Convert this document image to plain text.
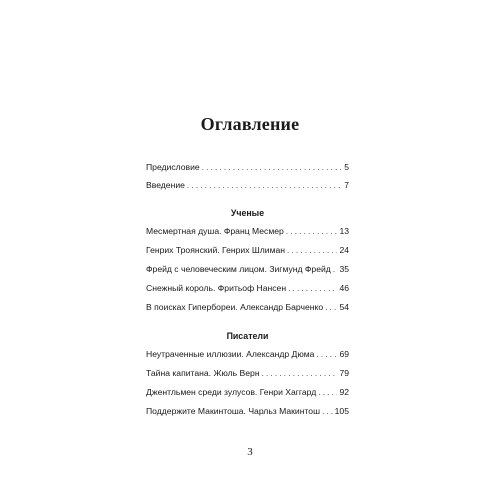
Оглавление
Предисловие . . .	5
Введение . . .	7
Ученые
Месмертная душа. Франц Месмер . . .	13
Генрих Троянский. Генрих Шлиман . . .	24
Фрейд с человеческим лицом. Зигмунд Фрейд . . . 35
Снежный король. Фритьоф Нансен . . .	46
В поисках Гипербореи. Александр Барченко . . . 54
Писатели
Неутраченные иллюзии. Александр Дюма . . .	69
Тайна капитана. Жюль Верн . . .	79
Джентльмен среди зулусов. Генри Хаггард . . .	92
Поддержите Макинтоша. Чарльз Макинтош . . . 105
3
